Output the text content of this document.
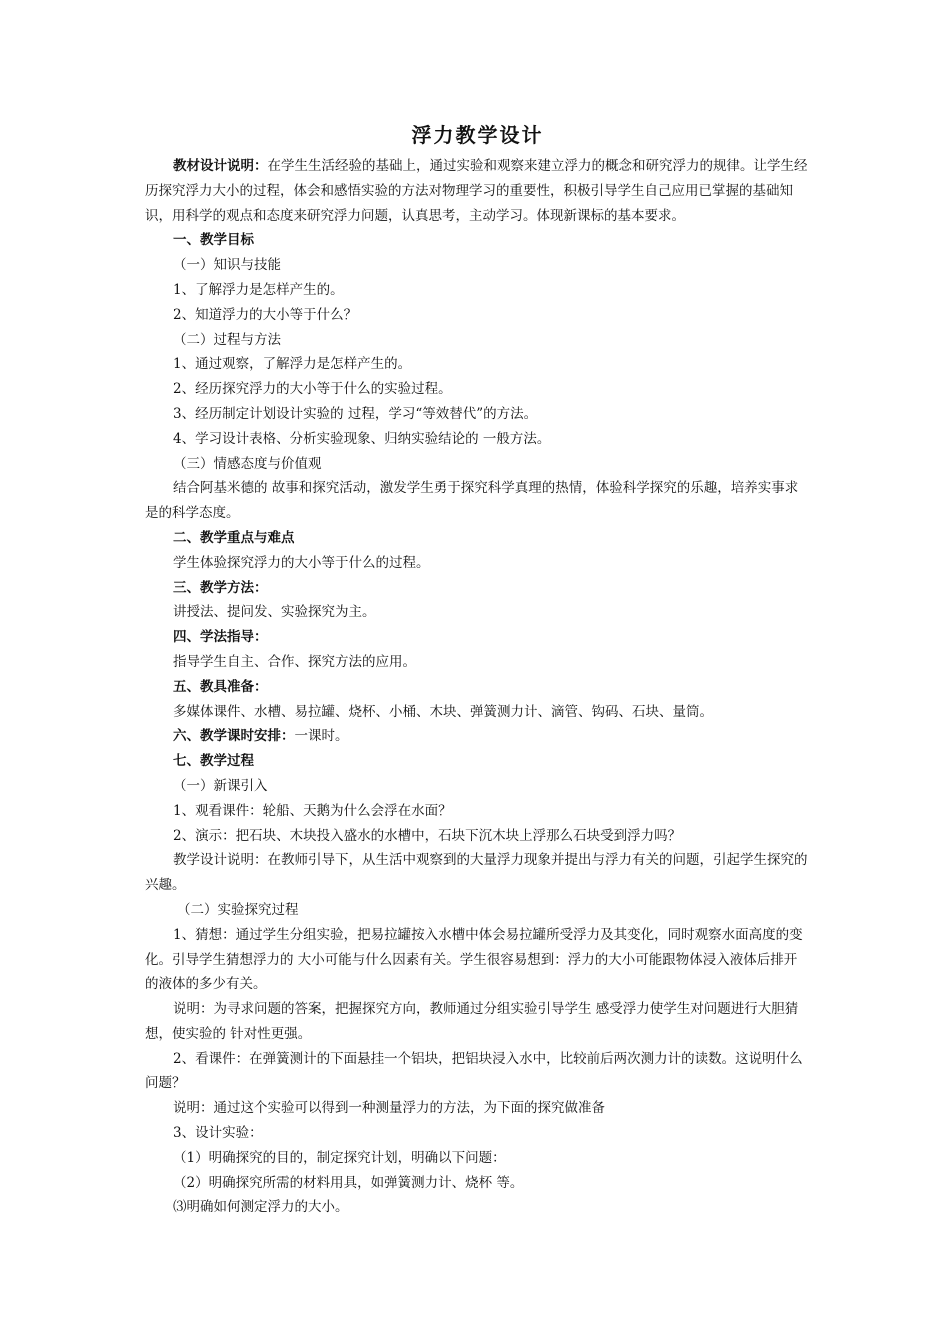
浮力教学设计

教材设计说明：在学生生活经验的基础上，通过实验和观察来建立浮力的概念和研究浮力的规律。让学生经历探究浮力大小的过程，体会和感悟实验的方法对物理学习的重要性，积极引导学生自己应用已掌握的基础知识，用科学的观点和态度来研究浮力问题，认真思考，主动学习。体现新课标的基本要求。

一、教学目标

（一）知识与技能

1、了解浮力是怎样产生的。

2、知道浮力的大小等于什么？

（二）过程与方法

1、通过观察，了解浮力是怎样产生的。

2、经历探究浮力的大小等于什么的实验过程。

3、经历制定计划设计实验的 过程，学习“等效替代”的方法。

4、学习设计表格、分析实验现象、归纳实验结论的 一般方法。

（三）情感态度与价值观

结合阿基米德的 故事和探究活动，激发学生勇于探究科学真理的热情，体验科学探究的乐趣，培养实事求是的科学态度。

二、教学重点与难点

学生体验探究浮力的大小等于什么的过程。

三、教学方法：

讲授法、提问发、实验探究为主。

四、学法指导：

指导学生自主、合作、探究方法的应用。

五、教具准备：

多媒体课件、水槽、易拉罐、烧杯、小桶、木块、弹簧测力计、滴管、钩码、石块、量筒。

六、教学课时安排：一课时。

七、教学过程

（一）新课引入

1、观看课件：轮船、天鹅为什么会浮在水面？

2、演示：把石块、木块投入盛水的水槽中，石块下沉木块上浮那么石块受到浮力吗？

教学设计说明：在教师引导下，从生活中观察到的大量浮力现象并提出与浮力有关的问题，引起学生探究的兴趣。

（二）实验探究过程

1、猜想：通过学生分组实验，把易拉罐按入水槽中体会易拉罐所受浮力及其变化，同时观察水面高度的变化。引导学生猜想浮力的 大小可能与什么因素有关。学生很容易想到：浮力的大小可能跟物体浸入液体后排开的液体的多少有关。

说明：为寻求问题的答案，把握探究方向，教师通过分组实验引导学生 感受浮力使学生对问题进行大胆猜想，使实验的 针对性更强。

2、看课件：在弹簧测计的下面悬挂一个铝块，把铝块浸入水中，比较前后两次测力计的读数。这说明什么问题？

说明：通过这个实验可以得到一种测量浮力的方法，为下面的探究做准备

3、设计实验：

（1）明确探究的目的，制定探究计划，明确以下问题：

（2）明确探究所需的材料用具，如弹簧测力计、烧杯 等。

⑶明确如何测定浮力的大小。
